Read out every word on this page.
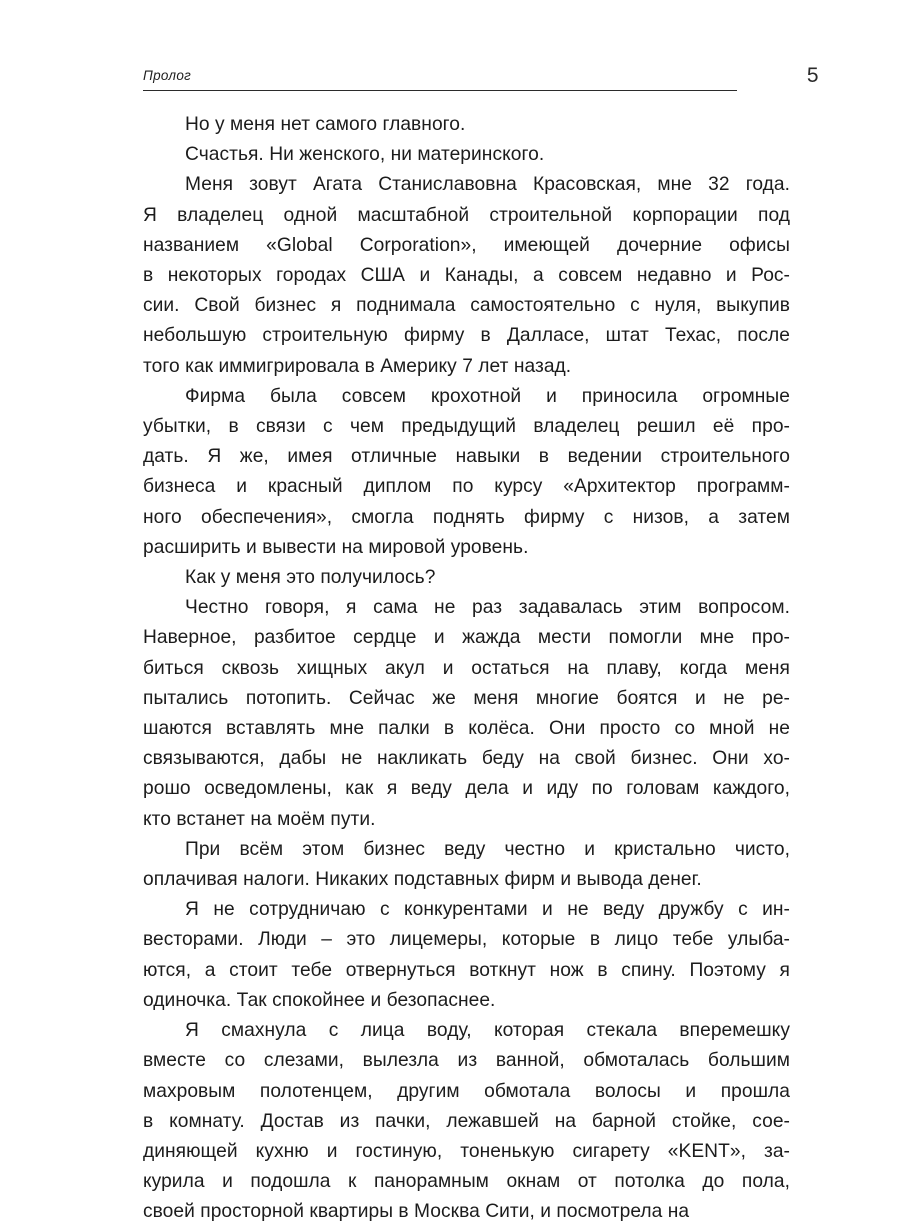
Пролог	5

Но у меня нет самого главного.

Счастья. Ни женского, ни материнского.

Меня зовут Агата Станиславовна Красовская, мне 32 года.
Я владелец одной масштабной строительной корпорации под
названием «Global Corporation», имеющей дочерние офисы
в некоторых городах США и Канады, а совсем недавно и Рос-
сии. Свой бизнес я поднимала самостоятельно с нуля, выкупив
небольшую строительную фирму в Далласе, штат Техас, после
того как иммигрировала в Америку 7 лет назад.

Фирма была совсем крохотной и приносила огромные
убытки, в связи с чем предыдущий владелец решил её про-
дать. Я же, имея отличные навыки в ведении строительного
бизнеса и красный диплом по курсу «Архитектор программ-
ного обеспечения», смогла поднять фирму с низов, а затем
расширить и вывести на мировой уровень.

Как у меня это получилось?

Честно говоря, я сама не раз задавалась этим вопросом.
Наверное, разбитое сердце и жажда мести помогли мне про-
биться сквозь хищных акул и остаться на плаву, когда меня
пытались потопить. Сейчас же меня многие боятся и не ре-
шаются вставлять мне палки в колёса. Они просто со мной не
связываются, дабы не накликать беду на свой бизнес. Они хо-
рошо осведомлены, как я веду дела и иду по головам каждого,
кто встанет на моём пути.

При всём этом бизнес веду честно и кристально чисто,
оплачивая налоги. Никаких подставных фирм и вывода денег.

Я не сотрудничаю с конкурентами и не веду дружбу с ин-
весторами. Люди – это лицемеры, которые в лицо тебе улыба-
ются, а стоит тебе отвернуться воткнут нож в спину. Поэтому я
одиночка. Так спокойнее и безопаснее.

Я смахнула с лица воду, которая стекала вперемешку
вместе со слезами, вылезла из ванной, обмоталась большим
махровым полотенцем, другим обмотала волосы и прошла
в комнату. Достав из пачки, лежавшей на барной стойке, сое-
диняющей кухню и гостиную, тоненькую сигарету «KENT», за-
курила и подошла к панорамным окнам от потолка до пола,
своей просторной квартиры в Москва Сити, и посмотрела на
